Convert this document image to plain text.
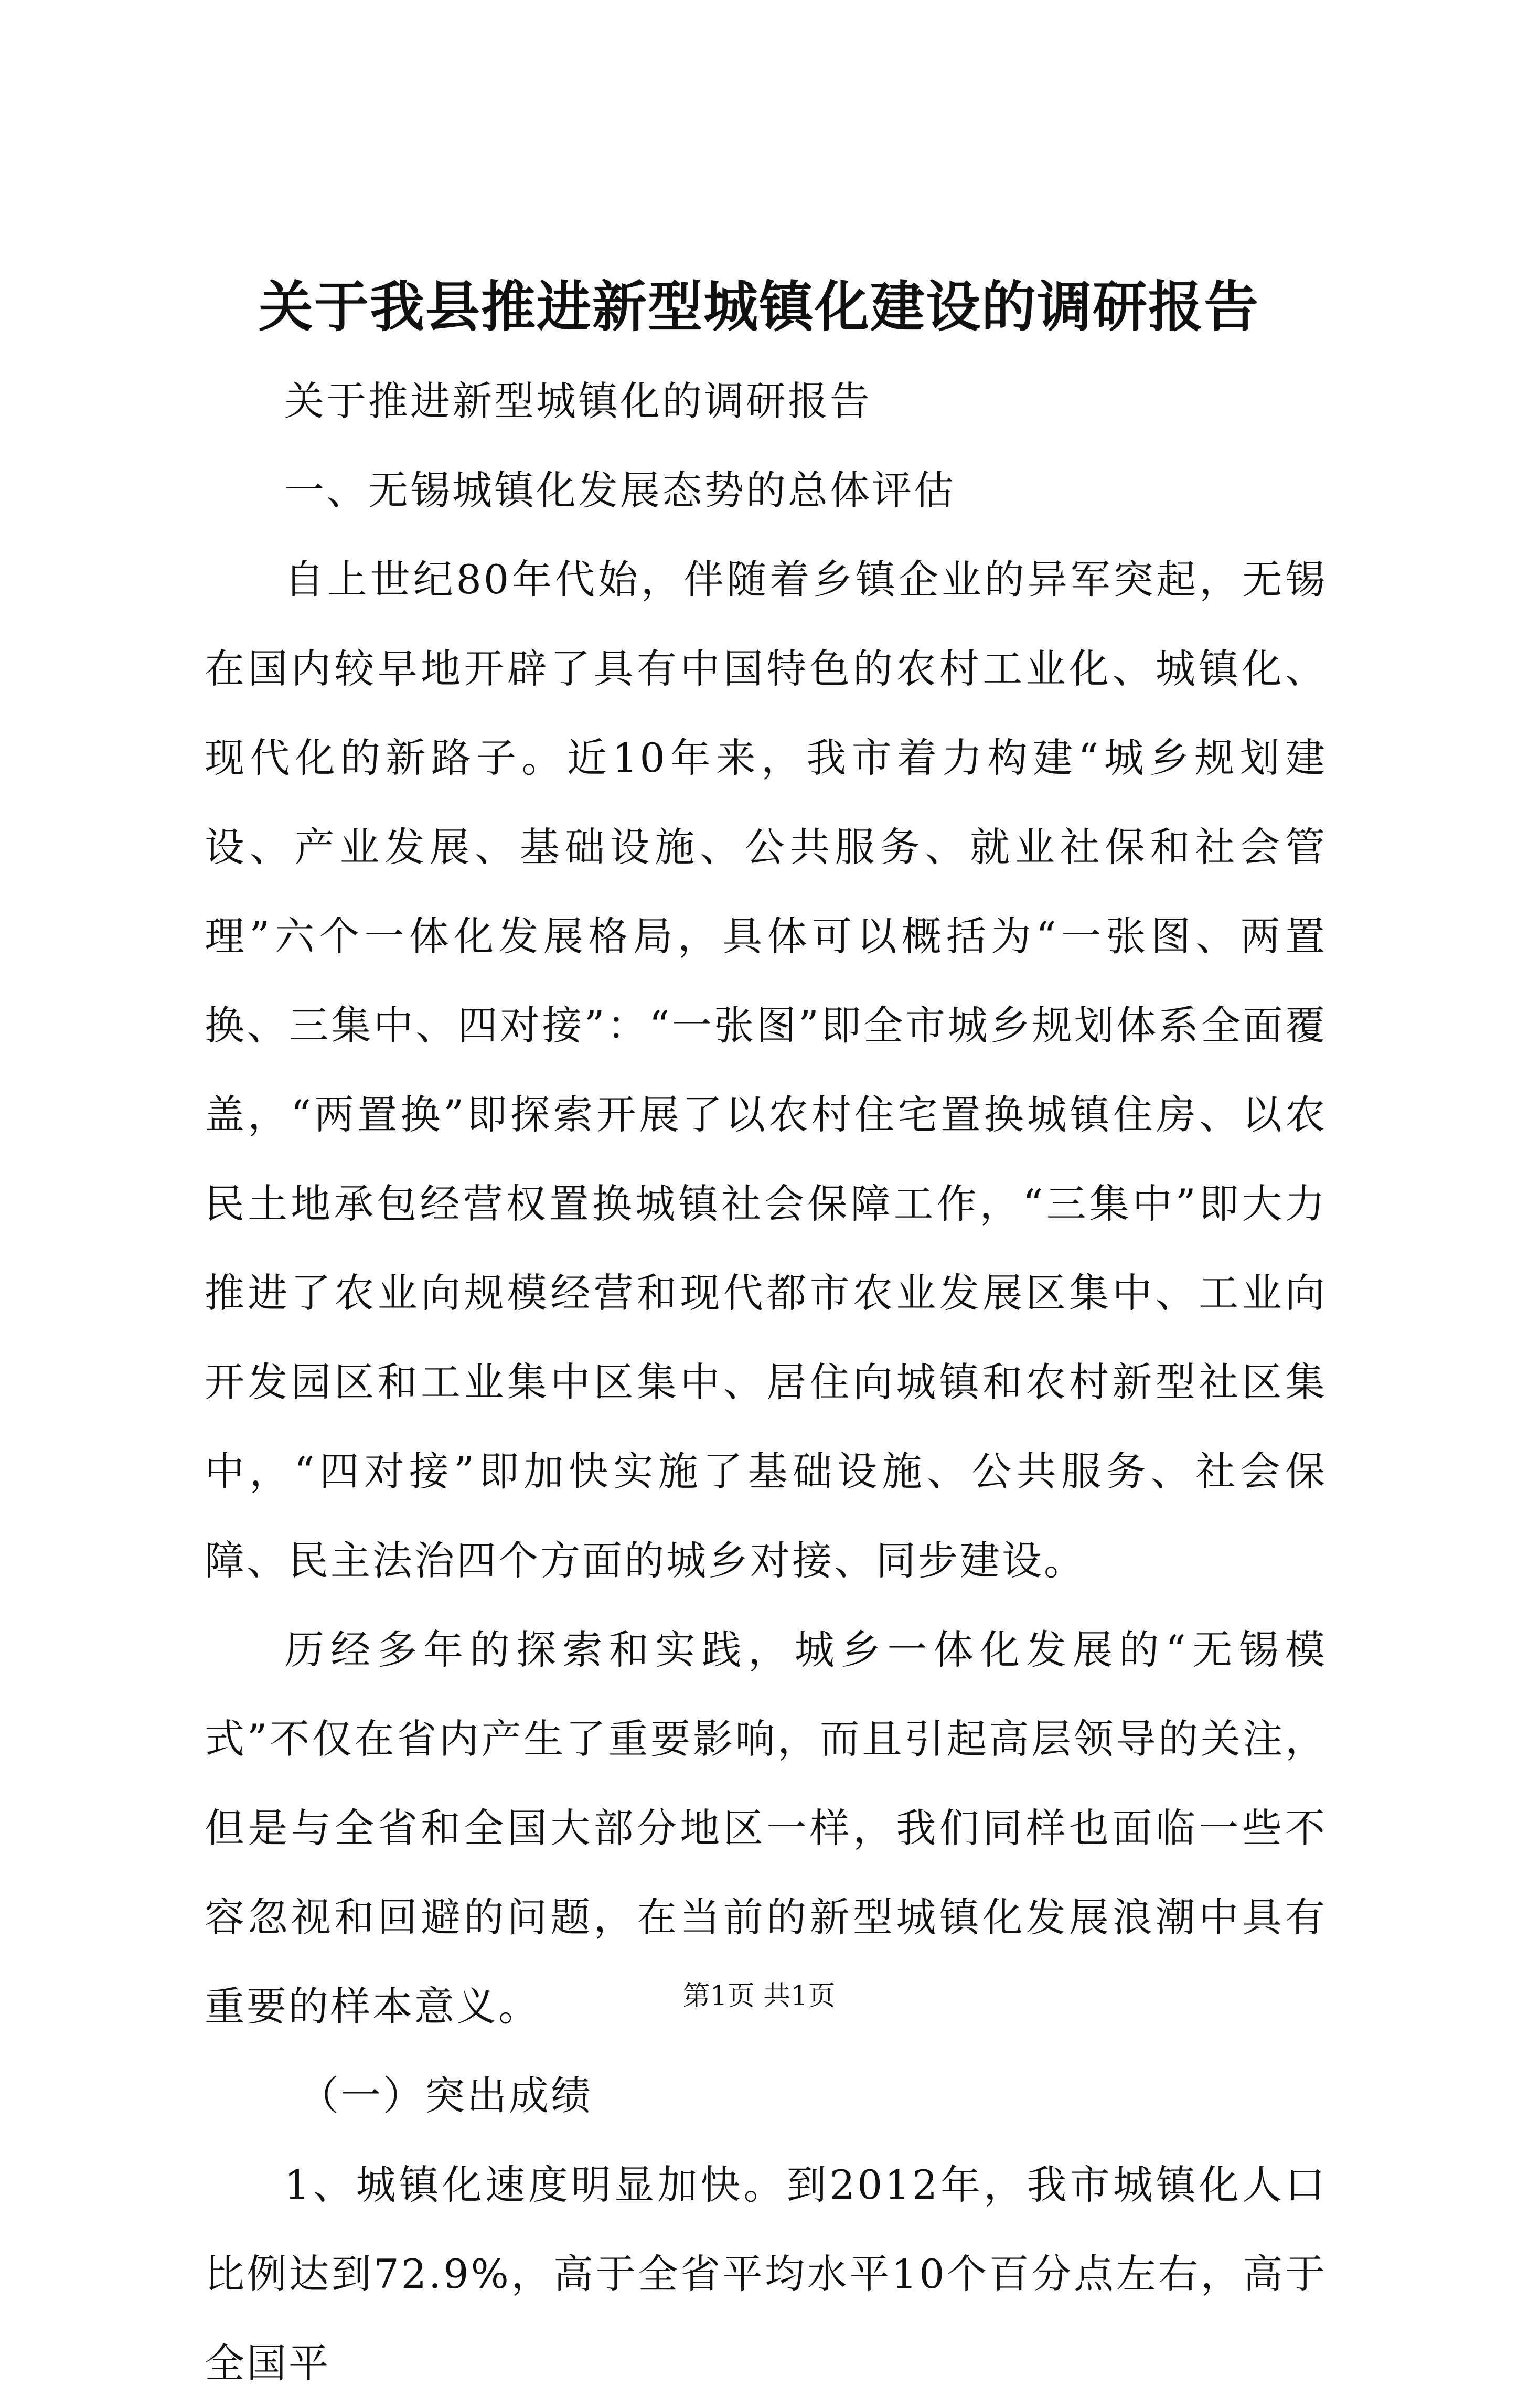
关于我县推进新型城镇化建设的调研报告

关于推进新型城镇化的调研报告

一、无锡城镇化发展态势的总体评估

自上世纪80年代始，伴随着乡镇企业的异军突起，无锡在国内较早地开辟了具有中国特色的农村工业化、城镇化、现代化的新路子。近10年来，我市着力构建“城乡规划建设、产业发展、基础设施、公共服务、就业社保和社会管理”六个一体化发展格局，具体可以概括为“一张图、两置换、三集中、四对接”：“一张图”即全市城乡规划体系全面覆盖，“两置换”即探索开展了以农村住宅置换城镇住房、以农民土地承包经营权置换城镇社会保障工作，“三集中”即大力推进了农业向规模经营和现代都市农业发展区集中、工业向开发园区和工业集中区集中、居住向城镇和农村新型社区集中，“四对接”即加快实施了基础设施、公共服务、社会保障、民主法治四个方面的城乡对接、同步建设。

历经多年的探索和实践，城乡一体化发展的“无锡模式”不仅在省内产生了重要影响，而且引起高层领导的关注，但是与全省和全国大部分地区一样，我们同样也面临一些不容忽视和回避的问题，在当前的新型城镇化发展浪潮中具有重要的样本意义。

（一）突出成绩

1、城镇化速度明显加快。到2012年，我市城镇化人口比例达到72.9%，高于全省平均水平10个百分点左右，高于全国平

第1页 共1页
